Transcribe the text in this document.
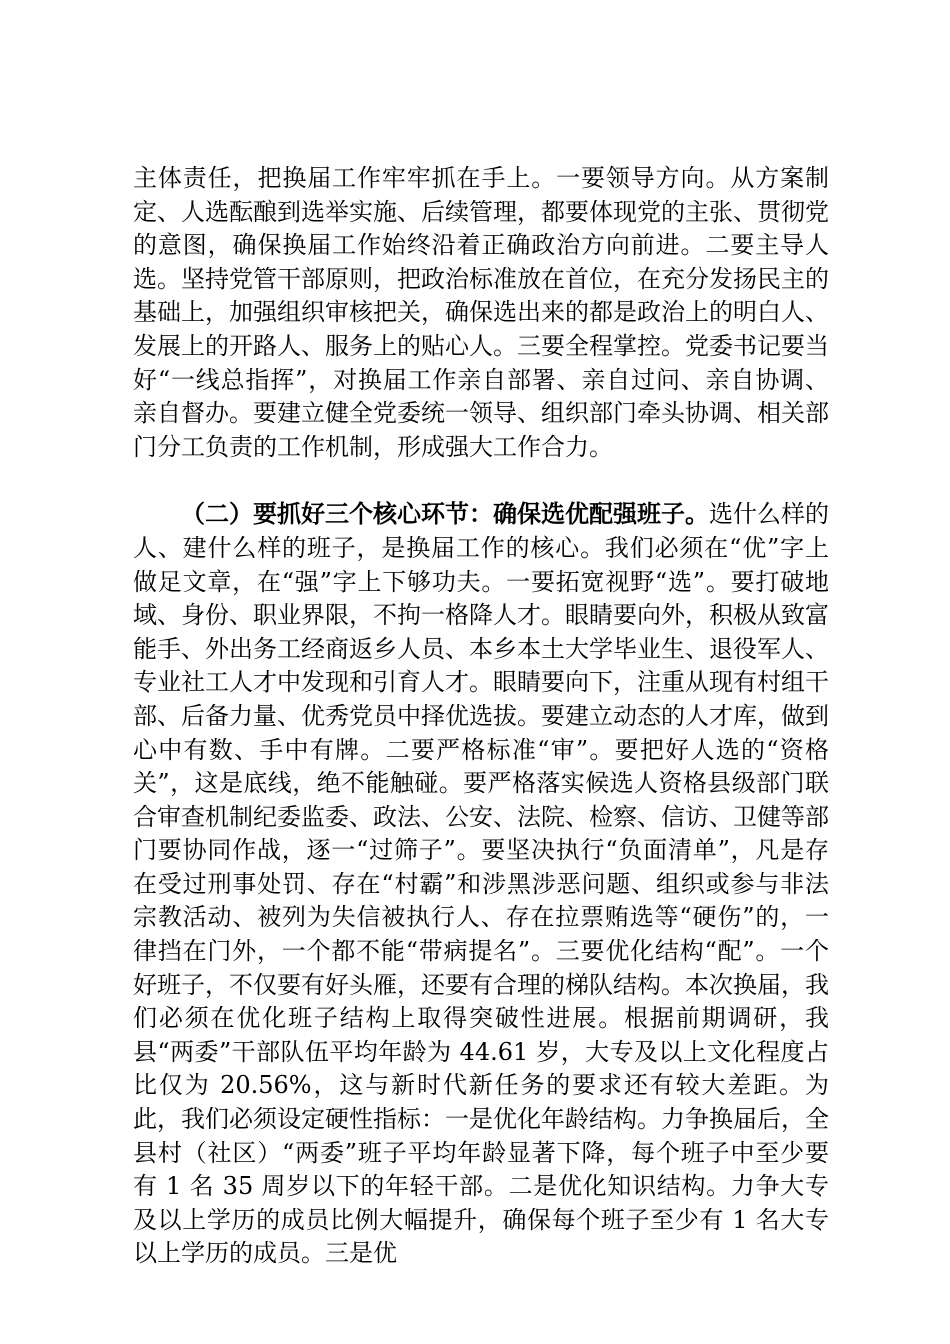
主体责任，把换届工作牢牢抓在手上。一要领导方向。从方案制定、人选酝酿到选举实施、后续管理，都要体现党的主张、贯彻党的意图，确保换届工作始终沿着正确政治方向前进。二要主导人选。坚持党管干部原则，把政治标准放在首位，在充分发扬民主的基础上，加强组织审核把关，确保选出来的都是政治上的明白人、发展上的开路人、服务上的贴心人。三要全程掌控。党委书记要当好“一线总指挥”，对换届工作亲自部署、亲自过问、亲自协调、亲自督办。要建立健全党委统一领导、组织部门牵头协调、相关部门分工负责的工作机制，形成强大工作合力。

（二）要抓好三个核心环节：确保选优配强班子。选什么样的人、建什么样的班子，是换届工作的核心。我们必须在“优”字上做足文章，在“强”字上下够功夫。一要拓宽视野“选”。要打破地域、身份、职业界限，不拘一格降人才。眼睛要向外，积极从致富能手、外出务工经商返乡人员、本乡本土大学毕业生、退役军人、专业社工人才中发现和引育人才。眼睛要向下，注重从现有村组干部、后备力量、优秀党员中择优选拔。要建立动态的人才库，做到心中有数、手中有牌。二要严格标准“审”。要把好人选的“资格关”，这是底线，绝不能触碰。要严格落实候选人资格县级部门联合审查机制纪委监委、政法、公安、法院、检察、信访、卫健等部门要协同作战，逐一“过筛子”。要坚决执行“负面清单”，凡是存在受过刑事处罚、存在“村霸”和涉黑涉恶问题、组织或参与非法宗教活动、被列为失信被执行人、存在拉票贿选等“硬伤”的，一律挡在门外，一个都不能“带病提名”。三要优化结构“配”。一个好班子，不仅要有好头雁，还要有合理的梯队结构。本次换届，我们必须在优化班子结构上取得突破性进展。根据前期调研，我县“两委”干部队伍平均年龄为 44.61 岁，大专及以上文化程度占比仅为 20.56%，这与新时代新任务的要求还有较大差距。为此，我们必须设定硬性指标：一是优化年龄结构。力争换届后，全县村（社区）“两委”班子平均年龄显著下降，每个班子中至少要有 1 名 35 周岁以下的年轻干部。二是优化知识结构。力争大专及以上学历的成员比例大幅提升，确保每个班子至少有 1 名大专以上学历的成员。三是优
